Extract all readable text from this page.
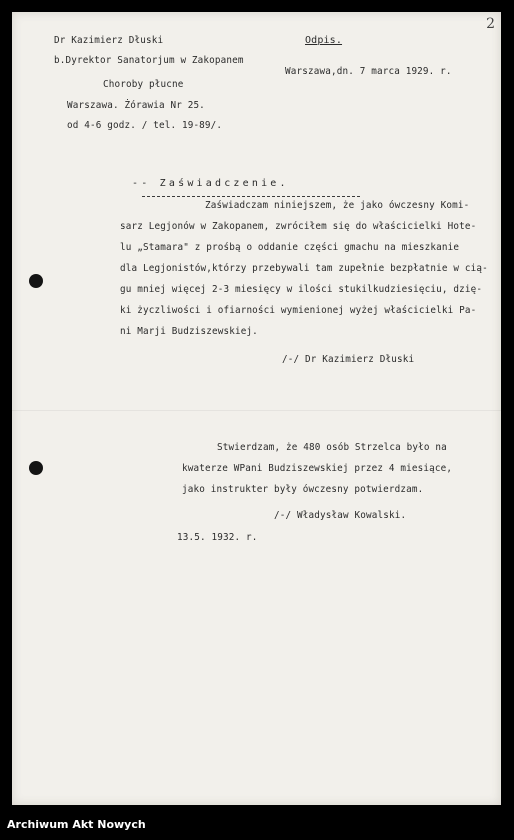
2
Dr Kazimierz Dłuski
b.Dyrektor Sanatorjum w Zakopanem
Choroby płucne
Warszawa. Żórawia Nr 25.
od 4-6 godz. / tel. 19-89/.
Odpis.
Warszawa,dn. 7 marca 1929. r.
-- Zaświadczenie.
Zaświadczam niniejszem, że jako ówczesny Komi-
sarz Legjonów w Zakopanem, zwróciłem się do właścicielki Hote-
lu „Stamara" z prośbą o oddanie części gmachu na mieszkanie
dla Legjonistów,którzy przebywali tam zupełnie bezpłatnie w cią-
gu mniej więcej 2-3 miesięcy w ilości stukilkudziesięciu, dzię-
ki życzliwości i ofiarności wymienionej wyżej właścicielki Pa-
ni Marji Budziszewskiej.
/-/ Dr Kazimierz Dłuski
Stwierdzam, że 480 osób Strzelca było na
kwaterze WPani Budziszewskiej przez 4 miesiące,
jako instrukter były ówczesny potwierdzam.
/-/ Władysław Kowalski.
13.5. 1932. r.
Archiwum Akt Nowych
